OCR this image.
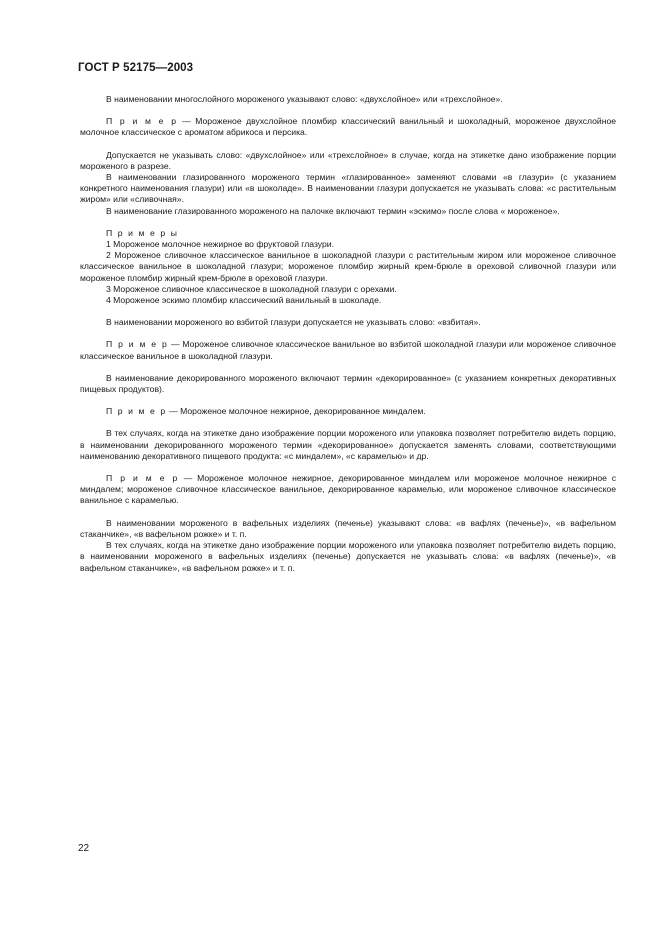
ГОСТ Р 52175—2003

В наименовании многослойного мороженого указывают слово: «двухслойное» или «трехслойное».

П р и м е р — Мороженое двухслойное пломбир классический ванильный и шоколадный, мороженое двухслойное молочное классическое с ароматом абрикоса и персика.

Допускается не указывать слово: «двухслойное» или «трехслойное» в случае, когда на этикетке дано изображение порции мороженого в разрезе.

В наименовании глазированного мороженого термин «глазированное» заменяют словами «в глазури» (с указанием конкретного наименования глазури) или «в шоколаде». В наименовании глазури допускается не указывать слова: «с растительным жиром» или «сливочная».

В наименование глазированного мороженого на палочке включают термин «эскимо» после слова « мороженое».

П р и м е р ы

1 Мороженое молочное нежирное во фруктовой глазури.

2 Мороженое сливочное классическое ванильное в шоколадной глазури с растительным жиром или мороженое сливочное классическое ванильное в шоколадной глазури; мороженое пломбир жирный крем-брюле в ореховой сливочной глазури или мороженое пломбир жирный крем-брюле в ореховой глазури.

3 Мороженое сливочное классическое в шоколадной глазури с орехами.

4 Мороженое эскимо пломбир классический ванильный в шоколаде.

В наименовании мороженого во взбитой глазури допускается не указывать слово: «взбитая».

П р и м е р — Мороженое сливочное классическое ванильное во взбитой шоколадной глазури или мороженое сливочное классическое ванильное в шоколадной глазури.

В наименование декорированного мороженого включают термин «декорированное» (с указанием конкретных декоративных пищевых продуктов).

П р и м е р — Мороженое молочное нежирное, декорированное миндалем.

В тех случаях, когда на этикетке дано изображение порции мороженого или упаковка позволяет потребителю видеть порцию, в наименовании декорированного мороженого термин «декорированное» допускается заменять словами, соответствующими наименованию декоративного пищевого продукта: «с миндалем», «с карамелью» и др.

П р и м е р — Мороженое молочное нежирное, декорированное миндалем или мороженое молочное нежирное с миндалем; мороженое сливочное классическое ванильное, декорированное карамелью, или мороженое сливочное классическое ванильное с карамелью.

В наименовании мороженого в вафельных изделиях (печенье) указывают слова: «в вафлях (печенье)», «в вафельном стаканчике», «в вафельном рожке» и т. п.

В тех случаях, когда на этикетке дано изображение порции мороженого или упаковка позволяет потребителю видеть порцию, в наименовании мороженого в вафельных изделиях (печенье) допускается не указывать слова: «в вафлях (печенье)», «в вафельном стаканчике», «в вафельном рожке» и т. п.

22
